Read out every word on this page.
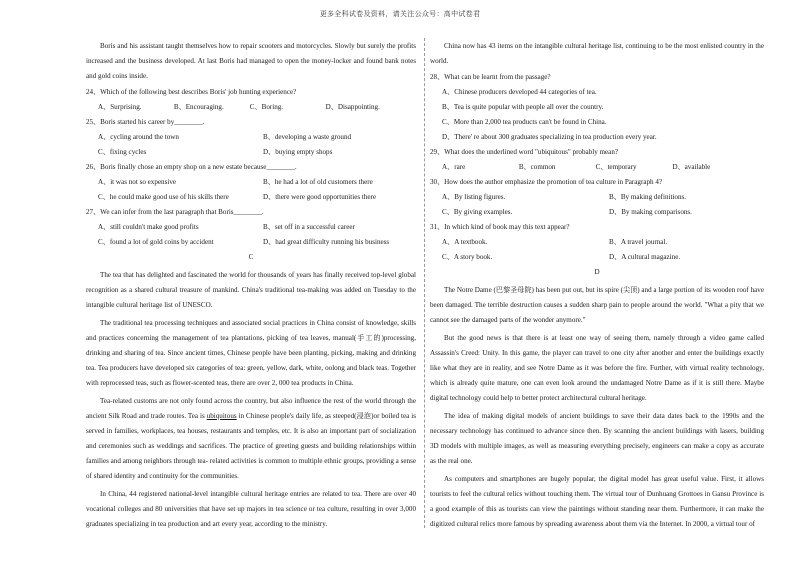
更多全科试卷及资料，请关注公众号：高中试卷君

Boris and his assistant taught themselves how to repair scooters and motorcycles. Slowly but surely the profits increased and the business developed. At last Boris had managed to open the money-locker and found bank notes and gold coins inside.

24、Which of the following best describes Boris' job hunting experience?

A、Surprising.	B、Encouraging.	C、Boring.	D、Disappointing.

25、Boris started his career by________.

A、cycling around the town	B、developing a waste ground
C、fixing cycles	D、buying empty shops

26、Boris finally chose an empty shop on a new estate because________.

A、it was not so expensive	B、he had a lot of old customers there
C、he could make good use of his skills there	D、there were good opportunities there

27、We can infer from the last paragraph that Boris________.

A、still couldn't make good profits	B、set off in a successful career
C、found a lot of gold coins by accident	D、had great difficulty running his business

C

The tea that has delighted and fascinated the world for thousands of years has finally received top-level global recognition as a shared cultural treasure of mankind. China's traditional tea-making was added on Tuesday to the intangible cultural heritage list of UNESCO.

The traditional tea processing techniques and associated social practices in China consist of knowledge, skills and practices concerning the management of tea plantations, picking of tea leaves, manual(手工的)processing, drinking and sharing of tea. Since ancient times, Chinese people have been planting, picking, making and drinking tea. Tea producers have developed six categories of tea: green, yellow, dark, white, oolong and black teas. Together with reprocessed teas, such as flower-scented teas, there are over 2, 000 tea products in China.

Tea-related customs are not only found across the country, but also influence the rest of the world through the ancient Silk Road and trade routes. Tea is ubiquitous in Chinese people's daily life, as steeped(浸泡)or boiled tea is served in families, workplaces, tea houses, restaurants and temples, etc. It is also an important part of socialization and ceremonies such as weddings and sacrifices. The practice of greeting guests and building relationships within families and among neighbors through tea- related activities is common to multiple ethnic groups, providing a sense of shared identity and continuity for the communities.

In China, 44 registered national-level intangible cultural heritage entries are related to tea. There are over 40 vocational colleges and 80 universities that have set up majors in tea science or tea culture, resulting in over 3,000 graduates specializing in tea production and art every year, according to the ministry.

China now has 43 items on the intangible cultural heritage list, continuing to be the most enlisted country in the world.

28、What can be learnt from the passage?

A、Chinese producers developed 44 categories of tea.

B、Tea is quite popular with people all over the country.

C、More than 2,000 tea products can't be found in China.

D、There' re about 300 graduates specializing in tea production every year.

29、What does the underlined word "ubiquitous" probably mean?

A、rare	B、common	C、temporary	D、available

30、How does the author emphasize the promotion of tea culture in Paragraph 4?

A、By listing figures.	B、By making definitions.
C、By giving examples.	D、By making comparisons.

31、In which kind of book may this text appear?

A、A textbook.	B、A travel journal.
C、A story book.	D、A cultural magazine.

D

The Notre Dame (巴黎圣母院) has been put out, but its spire (尖顶) and a large portion of its wooden roof have been damaged. The terrible destruction causes a sudden sharp pain to people around the world. "What a pity that we cannot see the damaged parts of the wonder anymore."

But the good news is that there is at least one way of seeing them, namely through a video game called Assassin's Creed: Unity. In this game, the player can travel to one city after another and enter the buildings exactly like what they are in reality, and see Notre Dame as it was before the fire. Further, with virtual reality technology, which is already quite mature, one can even look around the undamaged Notre Dame as if it is still there. Maybe digital technology could help to better protect architectural cultural heritage.

The idea of making digital models of ancient buildings to save their data dates back to the 1990s and the necessary technology has continued to advance since then. By scanning the ancient buildings with lasers, building 3D models with multiple images, as well as measuring everything precisely, engineers can make a copy as accurate as the real one.

As computers and smartphones are hugely popular, the digital model has great useful value. First, it allows tourists to feel the cultural relics without touching them. The virtual tour of Dunhuang Grottoes in Gansu Province is a good example of this as tourists can view the paintings without standing near them. Furthermore, it can make the digitized cultural relics more famous by spreading awareness about them via the Internet. In 2000, a virtual tour of
